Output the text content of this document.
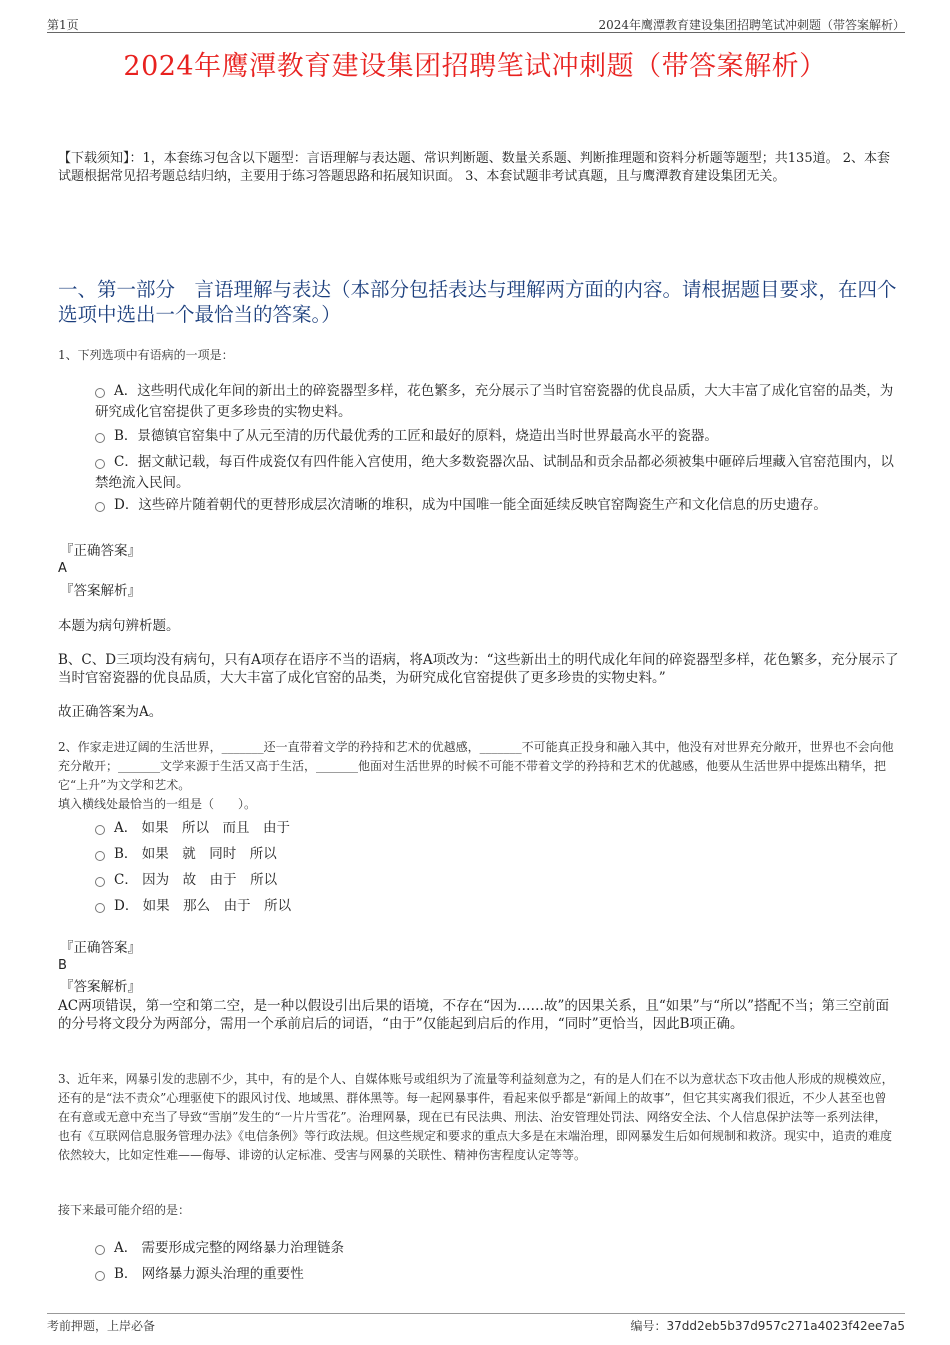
第1页	2024年鹰潭教育建设集团招聘笔试冲刺题（带答案解析）
2024年鹰潭教育建设集团招聘笔试冲刺题（带答案解析）
【下载须知】：1，本套练习包含以下题型：言语理解与表达题、常识判断题、数量关系题、判断推理题和资料分析题等题型；共135道。 2、本套试题根据常见招考题总结归纳，主要用于练习答题思路和拓展知识面。 3、本套试题非考试真题，且与鹰潭教育建设集团无关。
一、第一部分　言语理解与表达（本部分包括表达与理解两方面的内容。请根据题目要求，在四个选项中选出一个最恰当的答案。）
1、下列选项中有语病的一项是：
A．这些明代成化年间的新出土的碎瓷器型多样，花色繁多，充分展示了当时官窑瓷器的优良品质，大大丰富了成化官窑的品类，为研究成化官窑提供了更多珍贵的实物史料。
B．景德镇官窑集中了从元至清的历代最优秀的工匠和最好的原料，烧造出当时世界最高水平的瓷器。
C．据文献记载，每百件成瓷仅有四件能入宫使用，绝大多数瓷器次品、试制品和贡余品都必须被集中砸碎后埋藏入官窑范围内，以禁绝流入民间。
D．这些碎片随着朝代的更替形成层次清晰的堆积，成为中国唯一能全面延续反映官窑陶瓷生产和文化信息的历史遗存。
『正确答案』
A
『答案解析』
本题为病句辨析题。
B、C、D三项均没有病句，只有A项存在语序不当的语病，将A项改为：“这些新出土的明代成化年间的碎瓷器型多样，花色繁多，充分展示了当时官窑瓷器的优良品质，大大丰富了成化官窑的品类，为研究成化官窑提供了更多珍贵的实物史料。”
故正确答案为A。
2、作家走进辽阔的生活世界，_______还一直带着文学的矜持和艺术的优越感，_______不可能真正投身和融入其中，他没有对世界充分敞开，世界也不会向他充分敞开；_______文学来源于生活又高于生活，_______他面对生活世界的时候不可能不带着文学的矜持和艺术的优越感，他要从生活世界中提炼出精华，把它“上升”为文学和艺术。
填入横线处最恰当的一组是（　　）。
A． 如果　所以　而且　由于
B． 如果　就　同时　所以
C． 因为　故　由于　所以
D． 如果　那么　由于　所以
『正确答案』
B
『答案解析』
AC两项错误，第一空和第二空，是一种以假设引出后果的语境，不存在“因为……故”的因果关系，且“如果”与“所以”搭配不当；第三空前面的分号将文段分为两部分，需用一个承前启后的词语，“由于”仅能起到启后的作用，“同时”更恰当，因此B项正确。
3、近年来，网暴引发的悲剧不少，其中，有的是个人、自媒体账号或组织为了流量等利益刻意为之，有的是人们在不以为意状态下攻击他人形成的规模效应，还有的是“法不责众”心理驱使下的跟风讨伐、地域黑、群体黑等。每一起网暴事件，看起来似乎都是“新闻上的故事”，但它其实离我们很近，不少人甚至也曾在有意或无意中充当了导致“雪崩”发生的“一片片雪花”。治理网暴，现在已有民法典、刑法、治安管理处罚法、网络安全法、个人信息保护法等一系列法律，也有《互联网信息服务管理办法》《电信条例》等行政法规。但这些规定和要求的重点大多是在末端治理，即网暴发生后如何规制和救济。现实中，追责的难度依然较大，比如定性难——侮辱、诽谤的认定标准、受害与网暴的关联性、精神伤害程度认定等等。
接下来最可能介绍的是：
A． 需要形成完整的网络暴力治理链条
B． 网络暴力源头治理的重要性
考前押题，上岸必备	编号：37dd2eb5b37d957c271a4023f42ee7a5
